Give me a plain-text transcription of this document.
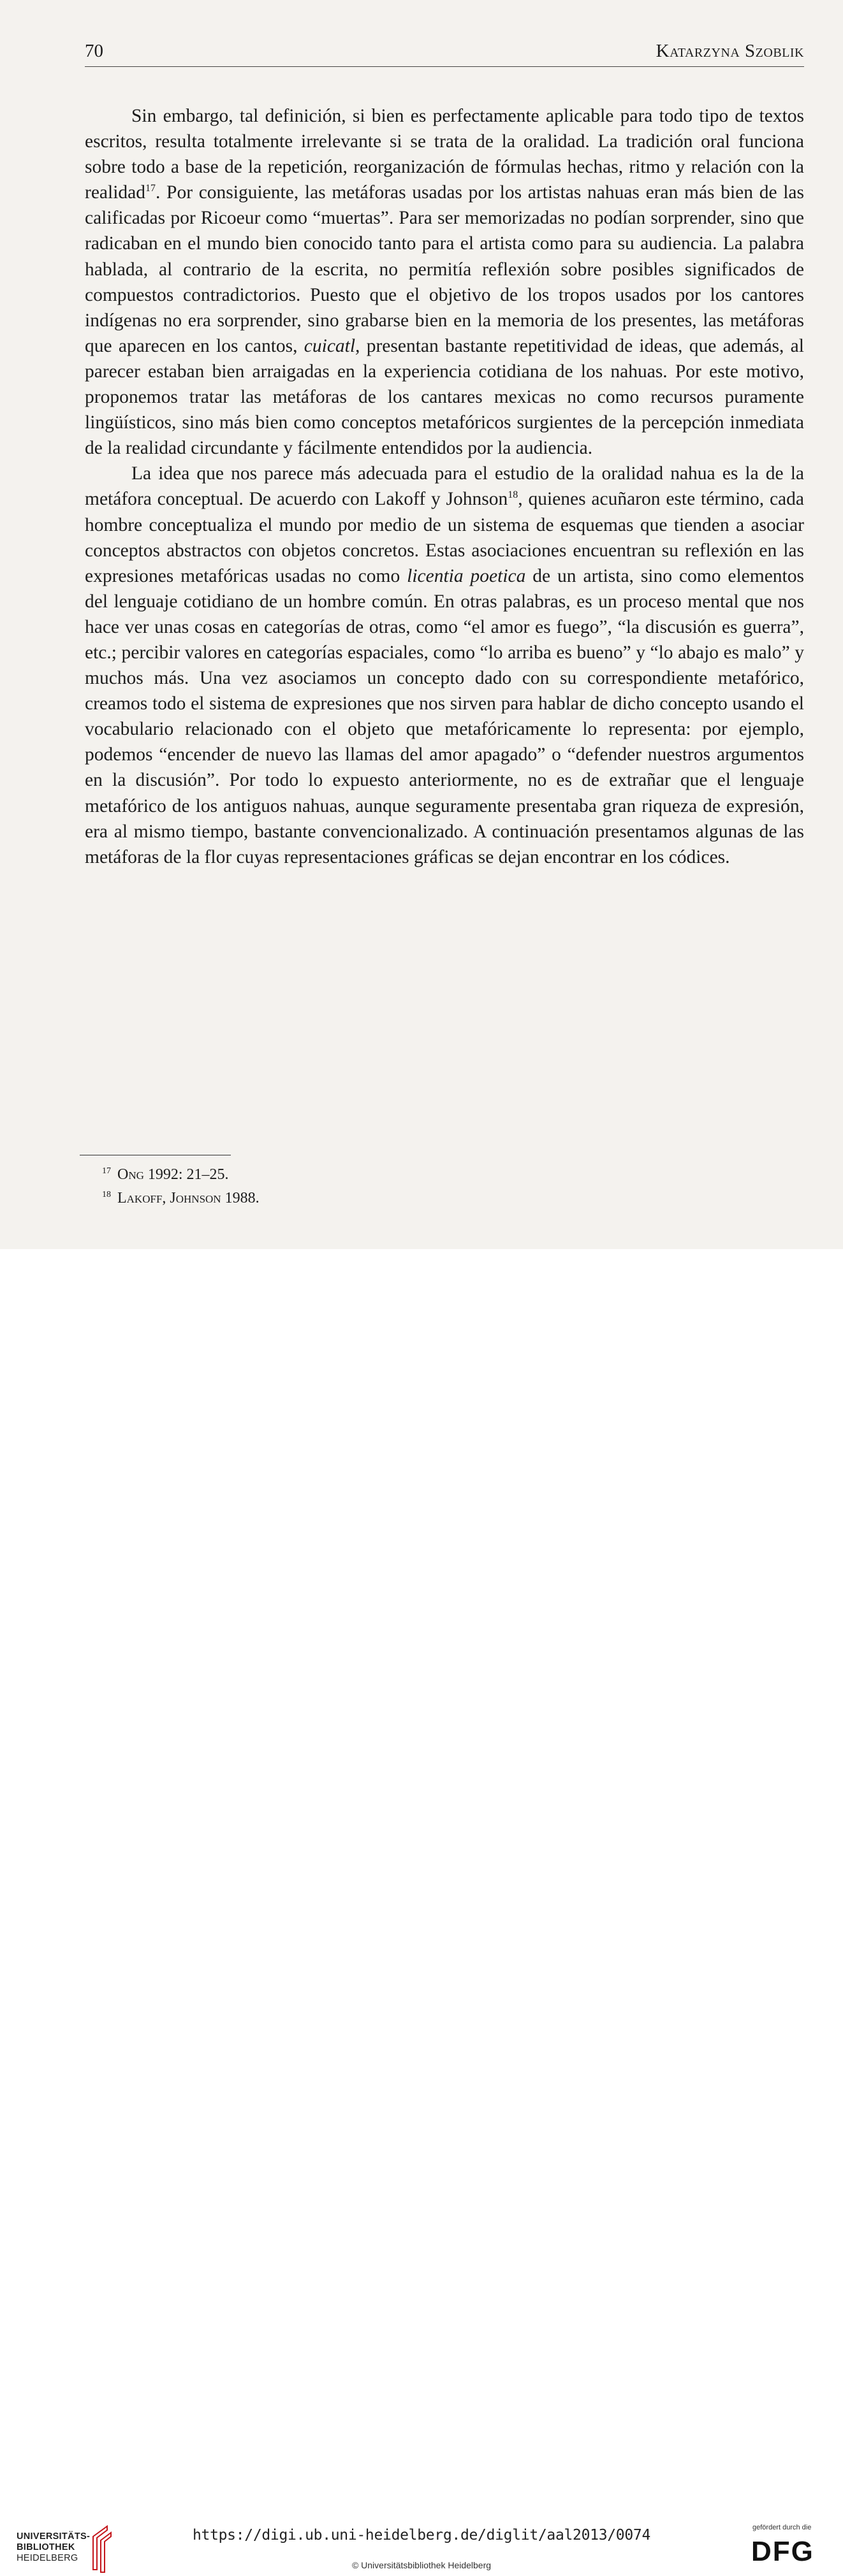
70	Katarzyna Szoblik

Sin embargo, tal definición, si bien es perfectamente aplicable para todo tipo de textos escritos, resulta totalmente irrelevante si se trata de la oralidad. La tradición oral funciona sobre todo a base de la repetición, reorganización de fórmulas hechas, ritmo y relación con la realidad$^{17}$. Por consiguiente, las metáforas usadas por los artistas nahuas eran más bien de las calificadas por Ricoeur como “muertas”. Para ser memorizadas no podían sorprender, sino que radicaban en el mundo bien conocido tanto para el artista como para su audiencia. La palabra hablada, al contrario de la escrita, no permitía reflexión sobre posibles significados de compuestos contradictorios. Puesto que el objetivo de los tropos usados por los cantores indígenas no era sorprender, sino grabarse bien en la memoria de los presentes, las metáforas que aparecen en los cantos, cuicatl, presentan bastante repetitividad de ideas, que además, al parecer estaban bien arraigadas en la experiencia cotidiana de los nahuas. Por este motivo, proponemos tratar las metáforas de los cantares mexicas no como recursos puramente lingüísticos, sino más bien como conceptos metafóricos surgientes de la percepción inmediata de la realidad circundante y fácilmente entendidos por la audiencia.

La idea que nos parece más adecuada para el estudio de la oralidad nahua es la de la metáfora conceptual. De acuerdo con Lakoff y Johnson$^{18}$, quienes acuñaron este término, cada hombre conceptualiza el mundo por medio de un sistema de esquemas que tienden a asociar conceptos abstractos con objetos concretos. Estas asociaciones encuentran su reflexión en las expresiones metafóricas usadas no como licentia poetica de un artista, sino como elementos del lenguaje cotidiano de un hombre común. En otras palabras, es un proceso mental que nos hace ver unas cosas en categorías de otras, como “el amor es fuego”, “la discusión es guerra”, etc.; percibir valores en categorías espaciales, como “lo arriba es bueno” y “lo abajo es malo” y muchos más. Una vez asociamos un concepto dado con su correspondiente metafórico, creamos todo el sistema de expresiones que nos sirven para hablar de dicho concepto usando el vocabulario relacionado con el objeto que metafóricamente lo representa: por ejemplo, podemos “encender de nuevo las llamas del amor apagado” o “defender nuestros argumentos en la discusión”. Por todo lo expuesto anteriormente, no es de extrañar que el lenguaje metafórico de los antiguos nahuas, aunque seguramente presentaba gran riqueza de expresión, era al mismo tiempo, bastante convencionalizado. A continuación presentamos algunas de las metáforas de la flor cuyas representaciones gráficas se dejan encontrar en los códices.

$^{17}$ Ong 1992: 21–25.
$^{18}$ Lakoff, Johnson 1988.
UNIVERSITÄTS-
BIBLIOTHEK
HEIDELBERG
https://digi.ub.uni-heidelberg.de/diglit/aal2013/0074
© Universitätsbibliothek Heidelberg
gefördert durch die
DFG
